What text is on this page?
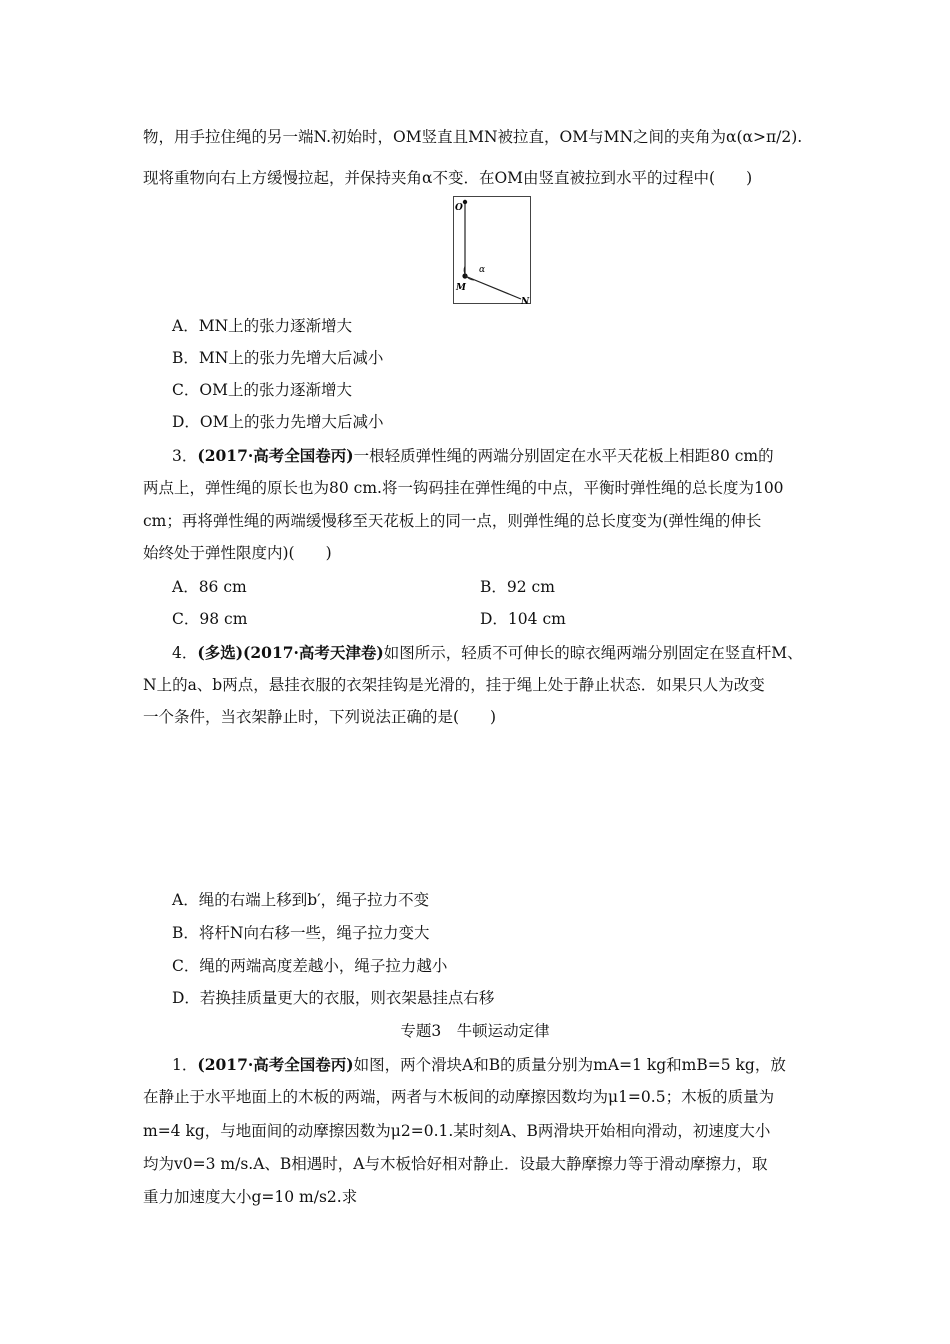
物，用手拉住绳的另一端N.初始时，OM竖直且MN被拉直，OM与MN之间的夹角为α(α>π/2).
现将重物向右上方缓慢拉起，并保持夹角α不变．在OM由竖直被拉到水平的过程中(　　)
O
M
N
α
A．MN上的张力逐渐增大
B．MN上的张力先增大后减小
C．OM上的张力逐渐增大
D．OM上的张力先增大后减小
3．(2017·高考全国卷丙)一根轻质弹性绳的两端分别固定在水平天花板上相距80 cm的
两点上，弹性绳的原长也为80 cm.将一钩码挂在弹性绳的中点，平衡时弹性绳的总长度为100
cm；再将弹性绳的两端缓慢移至天花板上的同一点，则弹性绳的总长度变为(弹性绳的伸长
始终处于弹性限度内)(　　)
A．86 cm	B．92 cm
C．98 cm	D．104 cm
4．(多选)(2017·高考天津卷)如图所示，轻质不可伸长的晾衣绳两端分别固定在竖直杆M、
N上的a、b两点，悬挂衣服的衣架挂钩是光滑的，挂于绳上处于静止状态．如果只人为改变
一个条件，当衣架静止时，下列说法正确的是(　　)
A．绳的右端上移到b′，绳子拉力不变
B．将杆N向右移一些，绳子拉力变大
C．绳的两端高度差越小，绳子拉力越小
D．若换挂质量更大的衣服，则衣架悬挂点右移
专题3　牛顿运动定律
1．(2017·高考全国卷丙)如图，两个滑块A和B的质量分别为mA=1 kg和mB=5 kg，放
在静止于水平地面上的木板的两端，两者与木板间的动摩擦因数均为μ1=0.5；木板的质量为
m=4 kg，与地面间的动摩擦因数为μ2=0.1.某时刻A、B两滑块开始相向滑动，初速度大小
均为v0=3 m/s.A、B相遇时，A与木板恰好相对静止．设最大静摩擦力等于滑动摩擦力，取
重力加速度大小g=10 m/s2.求
